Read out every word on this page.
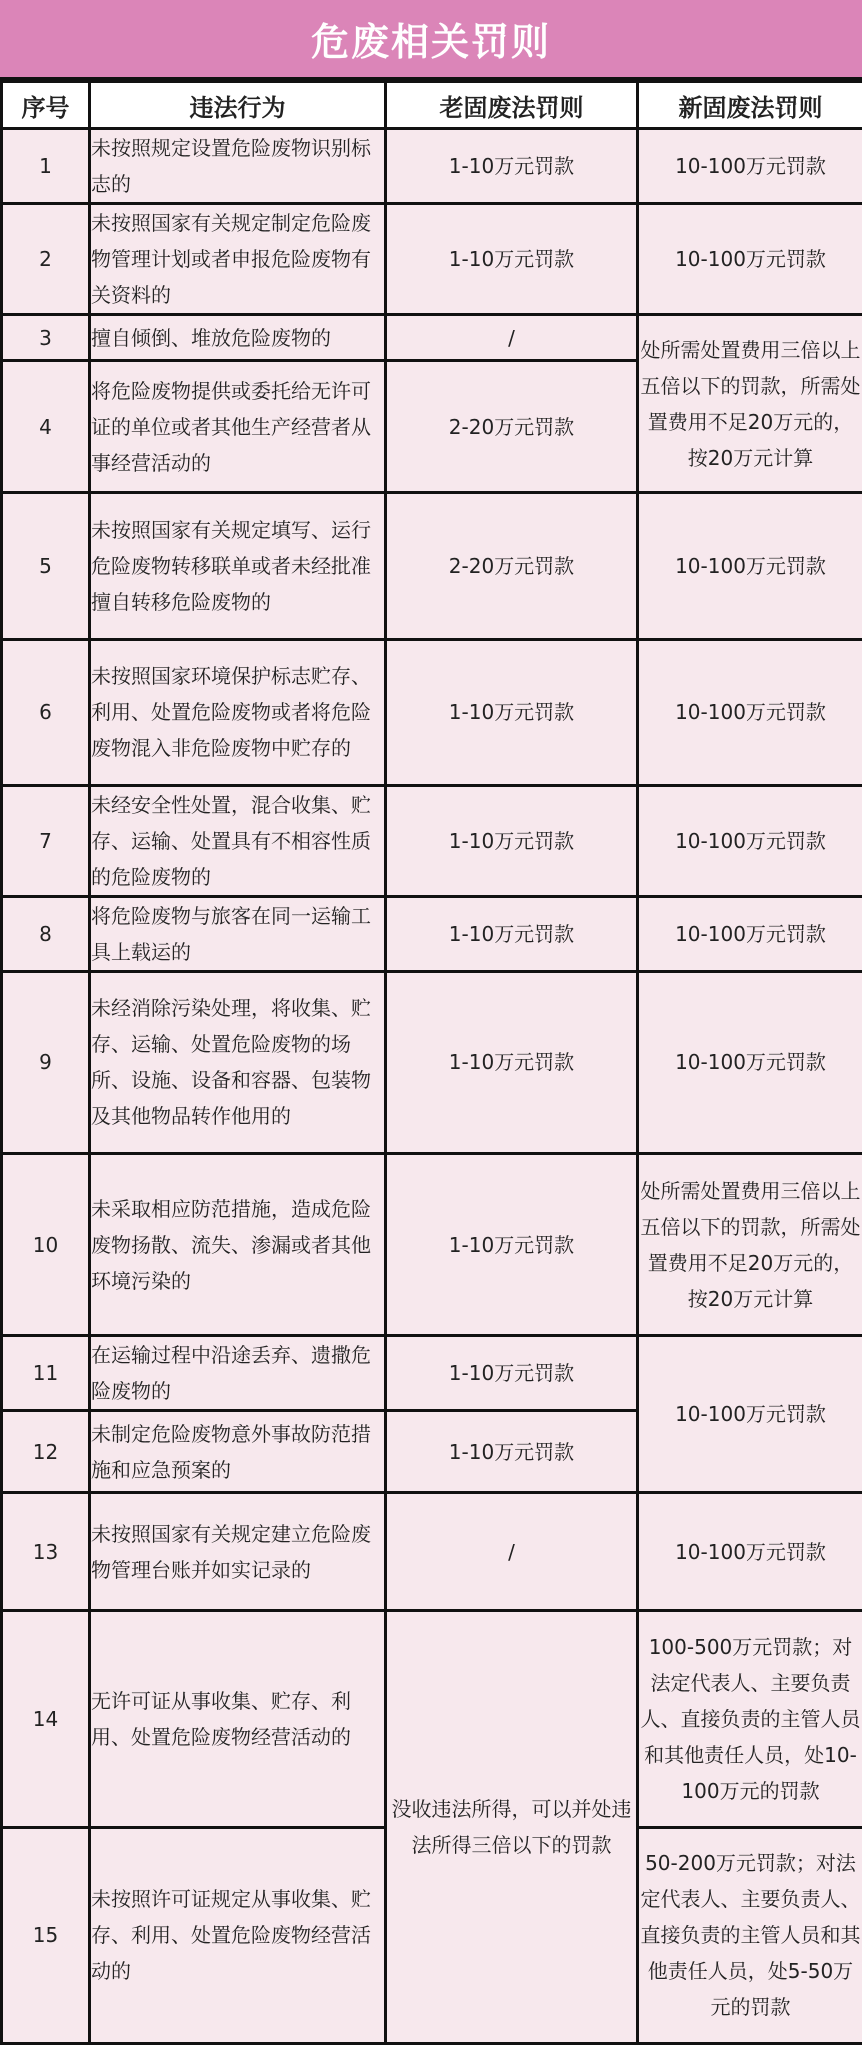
危废相关罚则
序号	违法行为	老固废法罚则	新固废法罚则
1	未按照规定设置危险废物识别标志的	1-10万元罚款	10-100万元罚款
2	未按照国家有关规定制定危险废物管理计划或者申报危险废物有关资料的	1-10万元罚款	10-100万元罚款
3	擅自倾倒、堆放危险废物的	/	处所需处置费用三倍以上五倍以下的罚款，所需处置费用不足20万元的，按20万元计算
4	将危险废物提供或委托给无许可证的单位或者其他生产经营者从事经营活动的	2-20万元罚款	
5	未按照国家有关规定填写、运行危险废物转移联单或者未经批准擅自转移危险废物的	2-20万元罚款	10-100万元罚款
6	未按照国家环境保护标志贮存、利用、处置危险废物或者将危险废物混入非危险废物中贮存的	1-10万元罚款	10-100万元罚款
7	未经安全性处置，混合收集、贮存、运输、处置具有不相容性质的危险废物的	1-10万元罚款	10-100万元罚款
8	将危险废物与旅客在同一运输工具上载运的	1-10万元罚款	10-100万元罚款
9	未经消除污染处理，将收集、贮存、运输、处置危险废物的场所、设施、设备和容器、包装物及其他物品转作他用的	1-10万元罚款	10-100万元罚款
10	未采取相应防范措施，造成危险废物扬散、流失、渗漏或者其他环境污染的	1-10万元罚款	处所需处置费用三倍以上五倍以下的罚款，所需处置费用不足20万元的，按20万元计算
11	在运输过程中沿途丢弃、遗撒危险废物的	1-10万元罚款	10-100万元罚款
12	未制定危险废物意外事故防范措施和应急预案的	1-10万元罚款	
13	未按照国家有关规定建立危险废物管理台账并如实记录的	/	10-100万元罚款
14	无许可证从事收集、贮存、利用、处置危险废物经营活动的	没收违法所得，可以并处违法所得三倍以下的罚款	100-500万元罚款；对法定代表人、主要负责人、直接负责的主管人员和其他责任人员，处10-100万元的罚款
15	未按照许可证规定从事收集、贮存、利用、处置危险废物经营活动的		50-200万元罚款；对法定代表人、主要负责人、直接负责的主管人员和其他责任人员，处5-50万元的罚款
